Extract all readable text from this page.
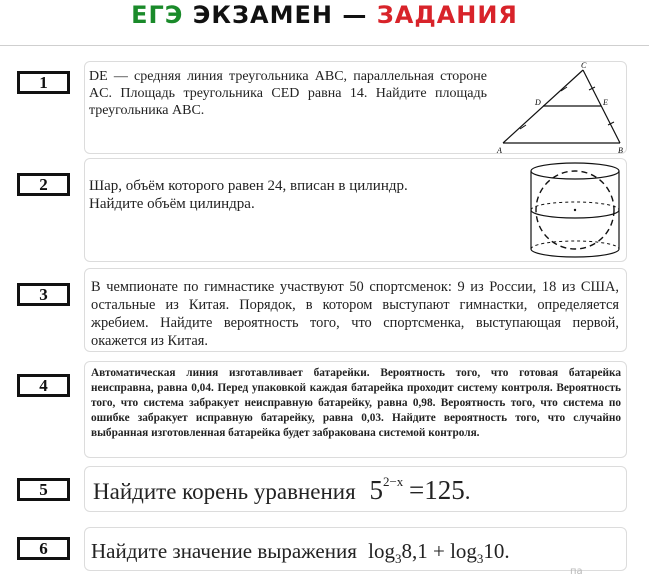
ЕГЭ ЭКЗАМЕН — ЗАДАНИЯ
1	DE — средняя линия треугольника ABC, параллельная стороне AC. Площадь треугольника CED равна 14. Найдите площадь треугольника ABC.
A	B
C
D	E
2	Шар, объём которого равен 24, вписан в цилиндр. Найдите объём цилиндра.
3	В чемпионате по гимнастике участвуют 50 спортсменок: 9 из России, 18 из США, остальные из Китая. Порядок, в котором выступают гимнастки, определяется жребием. Найдите вероятность того, что спортсменка, выступающая первой, окажется из Китая.
4
Автоматическая линия изготавливает батарейки. Вероятность того, что готовая батарейка неисправна, равна 0,04. Перед упаковкой каждая батарейка проходит систему контроля. Вероятность того, что система забракует неисправную батарейку, равна 0,98. Вероятность того, что система по ошибке забракует исправную батарейку, равна 0,03. Найдите вероятность того, что случайно выбранная изготовленная батарейка будет забракована системой контроля.
5	Найдите корень уравнения $5^{2-x} =125$.
6	Найдите значение выражения $\log_38,1 + \log_310$.
па
